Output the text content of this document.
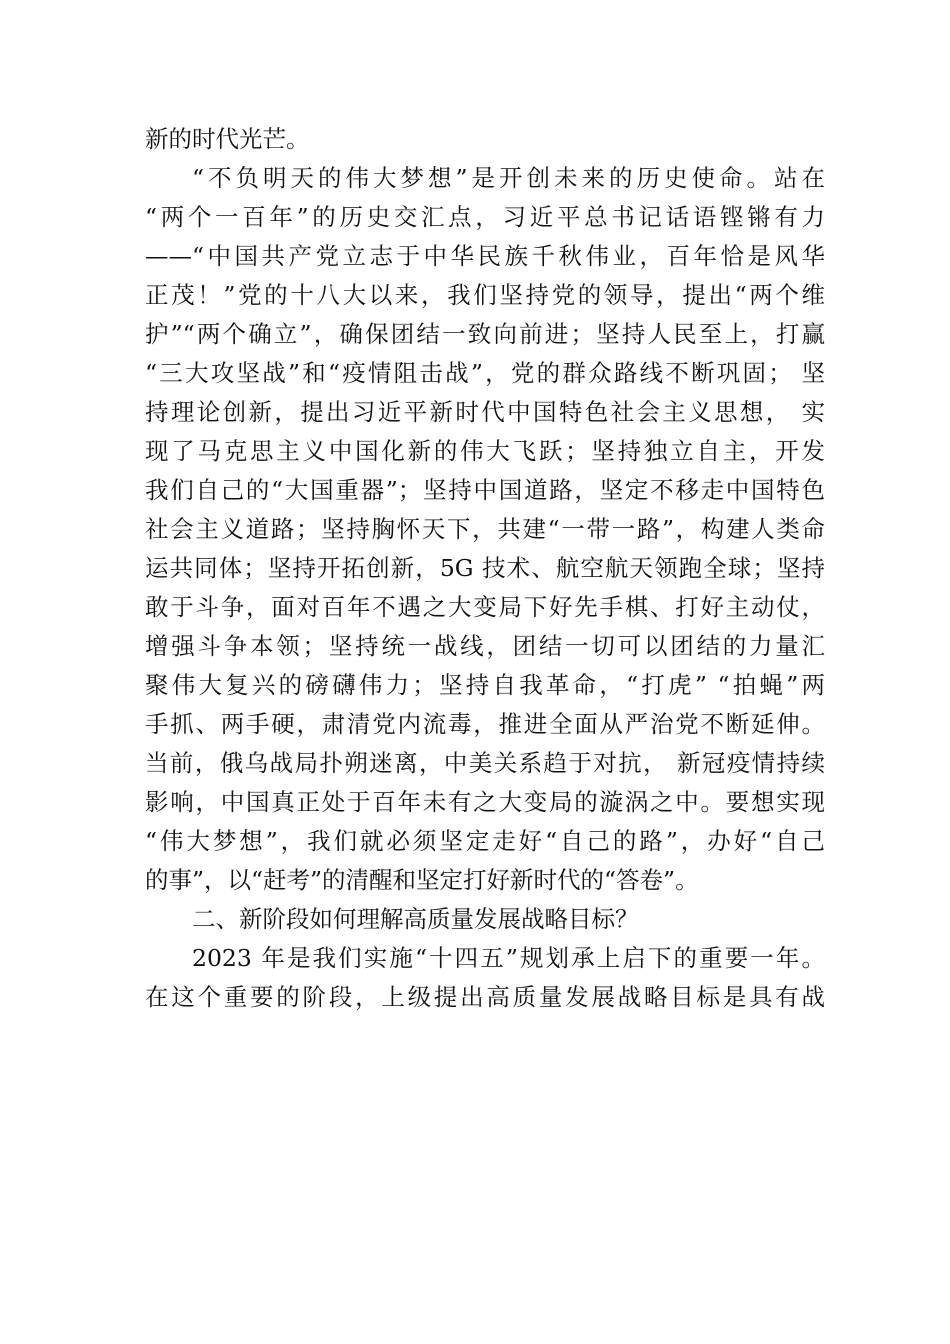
新的时代光芒。
“不负明天的伟大梦想”是开创未来的历史使命。站在
“两个一百年”的历史交汇点，习近平总书记话语铿锵有力
——“中国共产党立志于中华民族千秋伟业，百年恰是风华
正茂！”党的十八大以来，我们坚持党的领导，提出“两个维
护”“两个确立”，确保团结一致向前进；坚持人民至上，打赢
“三大攻坚战”和“疫情阻击战”，党的群众路线不断巩固； 坚
持理论创新，提出习近平新时代中国特色社会主义思想， 实
现了马克思主义中国化新的伟大飞跃；坚持独立自主，开发
我们自己的“大国重器”；坚持中国道路，坚定不移走中国特色
社会主义道路；坚持胸怀天下，共建“一带一路”，构建人类命
运共同体；坚持开拓创新，5G 技术、航空航天领跑全球；坚持
敢于斗争，面对百年不遇之大变局下好先手棋、打好主动仗，
增强斗争本领；坚持统一战线，团结一切可以团结的力量汇
聚伟大复兴的磅礴伟力；坚持自我革命，“打虎” “拍蝇”两
手抓、两手硬，肃清党内流毒，推进全面从严治党不断延伸。
当前，俄乌战局扑朔迷离，中美关系趋于对抗， 新冠疫情持续
影响，中国真正处于百年未有之大变局的漩涡之中。要想实现
“伟大梦想”，我们就必须坚定走好“自己的路”，办好“自己
的事”，以“赶考”的清醒和坚定打好新时代的“答卷”。
二、新阶段如何理解高质量发展战略目标？
2023 年是我们实施“十四五”规划承上启下的重要一年。
在这个重要的阶段，上级提出高质量发展战略目标是具有战
